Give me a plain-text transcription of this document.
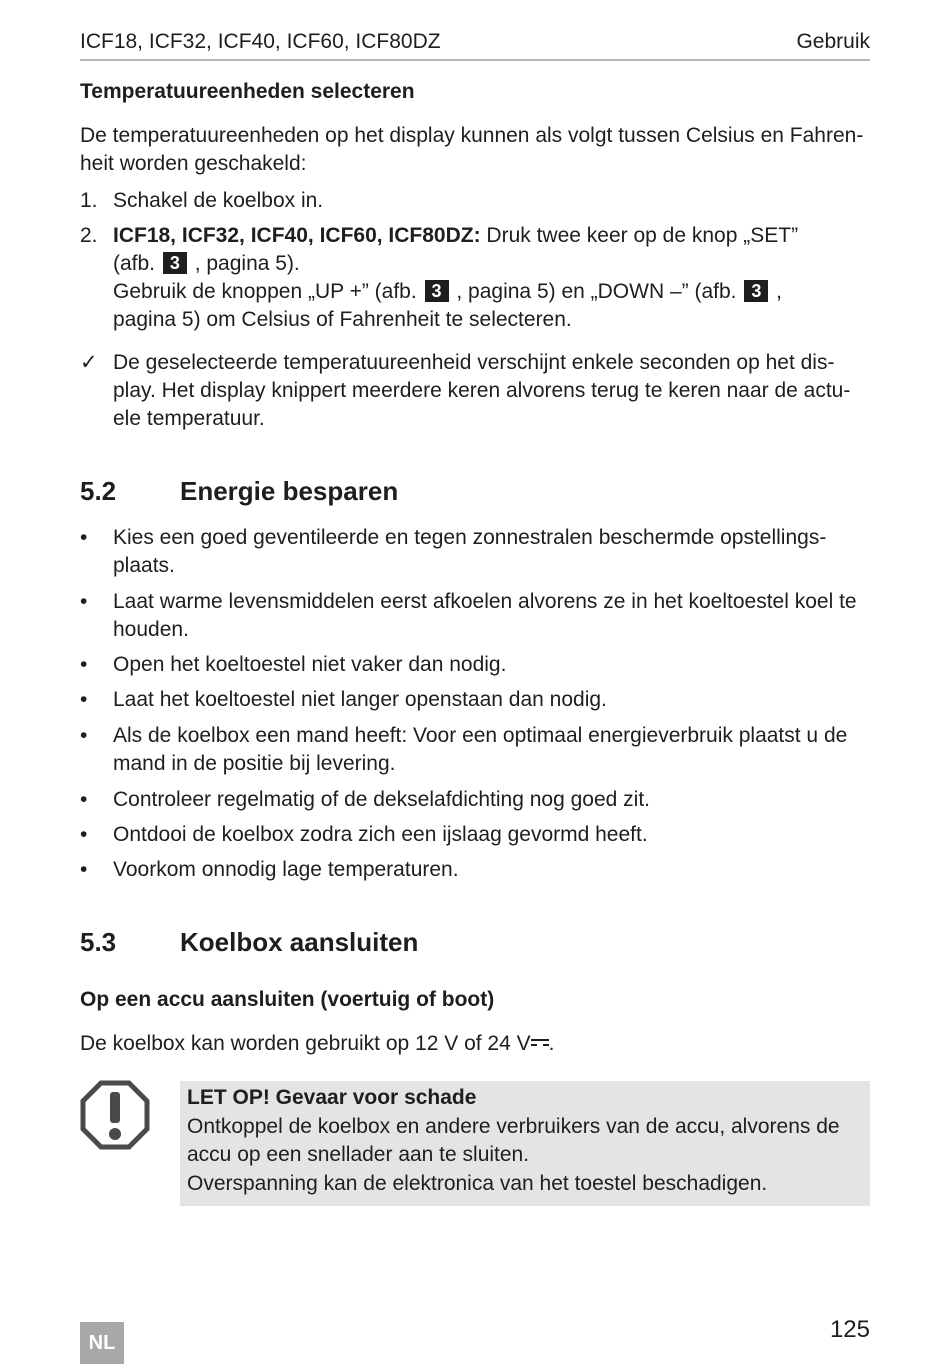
ICF18, ICF32, ICF40, ICF60, ICF80DZ	Gebruik
Temperatuureenheden selecteren
De temperatuureenheden op het display kunnen als volgt tussen Celsius en Fahren-
heit worden geschakeld:
1. Schakel de koelbox in.
2. ICF18, ICF32, ICF40, ICF60, ICF80DZ: Druk twee keer op de knop „SET”
(afb. 3 , pagina 5).
Gebruik de knoppen „UP +” (afb. 3 , pagina 5) en „DOWN –” (afb. 3 ,
pagina 5) om Celsius of Fahrenheit te selecteren.
✓ De geselecteerde temperatuureenheid verschijnt enkele seconden op het dis-
play. Het display knippert meerdere keren alvorens terug te keren naar de actu-
ele temperatuur.
5.2 Energie besparen
• Kies een goed geventileerde en tegen zonnestralen beschermde opstellings-
plaats.
• Laat warme levensmiddelen eerst afkoelen alvorens ze in het koeltoestel koel te
houden.
• Open het koeltoestel niet vaker dan nodig.
• Laat het koeltoestel niet langer openstaan dan nodig.
• Als de koelbox een mand heeft: Voor een optimaal energieverbruik plaatst u de
mand in de positie bij levering.
• Controleer regelmatig of de dekselafdichting nog goed zit.
• Ontdooi de koelbox zodra zich een ijslaag gevormd heeft.
• Voorkom onnodig lage temperaturen.
5.3 Koelbox aansluiten
Op een accu aansluiten (voertuig of boot)
De koelbox kan worden gebruikt op 12 V of 24 V .
LET OP! Gevaar voor schade
Ontkoppel de koelbox en andere verbruikers van de accu, alvorens de
accu op een snellader aan te sluiten.
Overspanning kan de elektronica van het toestel beschadigen.
NL	125
